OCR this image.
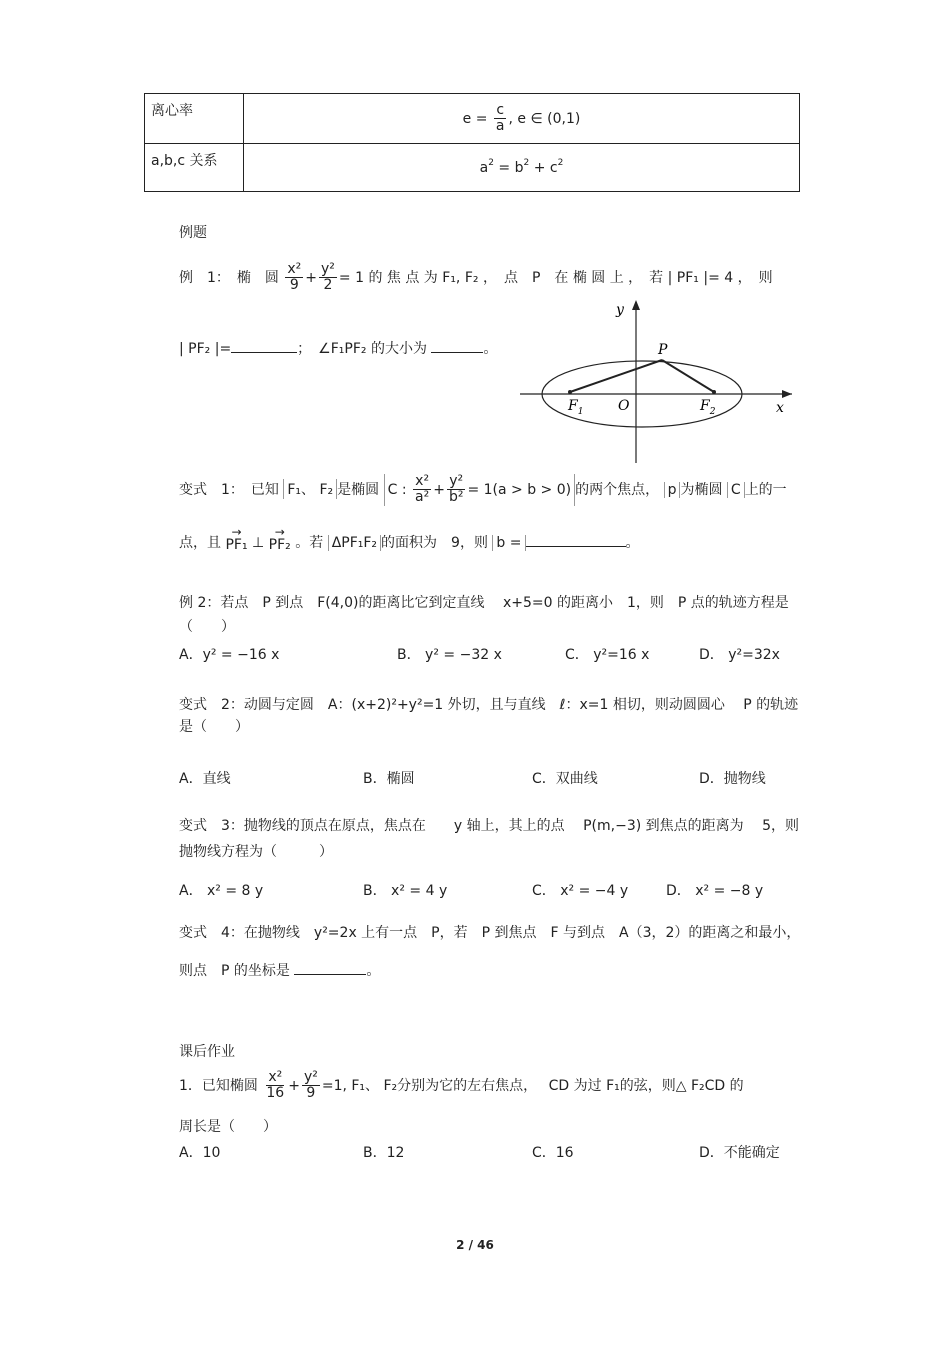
离心率	$e = \frac{c}{a}$ , e ∈ (0,1)
a,b,c 关系	$a^2 = b^2 + c^2$
例题
例　1：　椭　圆 $\frac{\text{x²}}{9} + \frac{\text{y²}}{2} = 1$ 的 焦 点 为 F₁, F₂ ，　点　P　在 椭 圆 上 ，　若 | PF₁ |= 4 ，　则
| PF₂ |=	；　∠F₁PF₂ 的大小为	。
y
x
P
O
$F_1$	$F_2$
变式　1：　已知 F₁、 F₂ 是椭圆 C : $\frac{\text{x²}}{\text{a²}} + \frac{\text{y²}}{\text{b²}} = 1(a > b > 0)$ 的两个焦点， p 为椭圆 C 上的一
点，且
→
PF₁ ⊥
→
PF₂ 。若 ΔPF₁F₂ 的面积为　9，则 b =	。
例 2：若点　P 到点　F(4,0)的距离比它到定直线　 x+5=0 的距离小　1，则　P 点的轨迹方程是
（　　）
A．y² = −16 x	B． y² = −32 x	C． y²=16 x	D． y²=32x
变式　2：动圆与定圆　A：(x+2)²+y²=1 外切，且与直线　ℓ：x=1 相切，则动圆圆心　 P 的轨迹
是（　　）
A．直线	B．椭圆	C．双曲线	D．抛物线
变式　3：抛物线的顶点在原点，焦点在　　y 轴上，其上的点　 P(m,−3) 到焦点的距离为　 5，则
抛物线方程为（　　　）
A． x² = 8 y	B． x² = 4 y	C． x² = −4 y	D． x² = −8 y
变式　4：在抛物线　y²=2x 上有一点　P，若　P 到焦点　F 与到点　A（3，2）的距离之和最小，
则点　P 的坐标是	。
课后作业
1．已知椭圆 $\frac{\text{x²}}{16} + \frac{\text{y²}}{9} =1$, F₁、 F₂分别为它的左右焦点，　 CD 为过 F₁的弦，则△ F₂CD 的
周长是（　　）
A．10	B．12	C．16	D．不能确定
2 / 46
